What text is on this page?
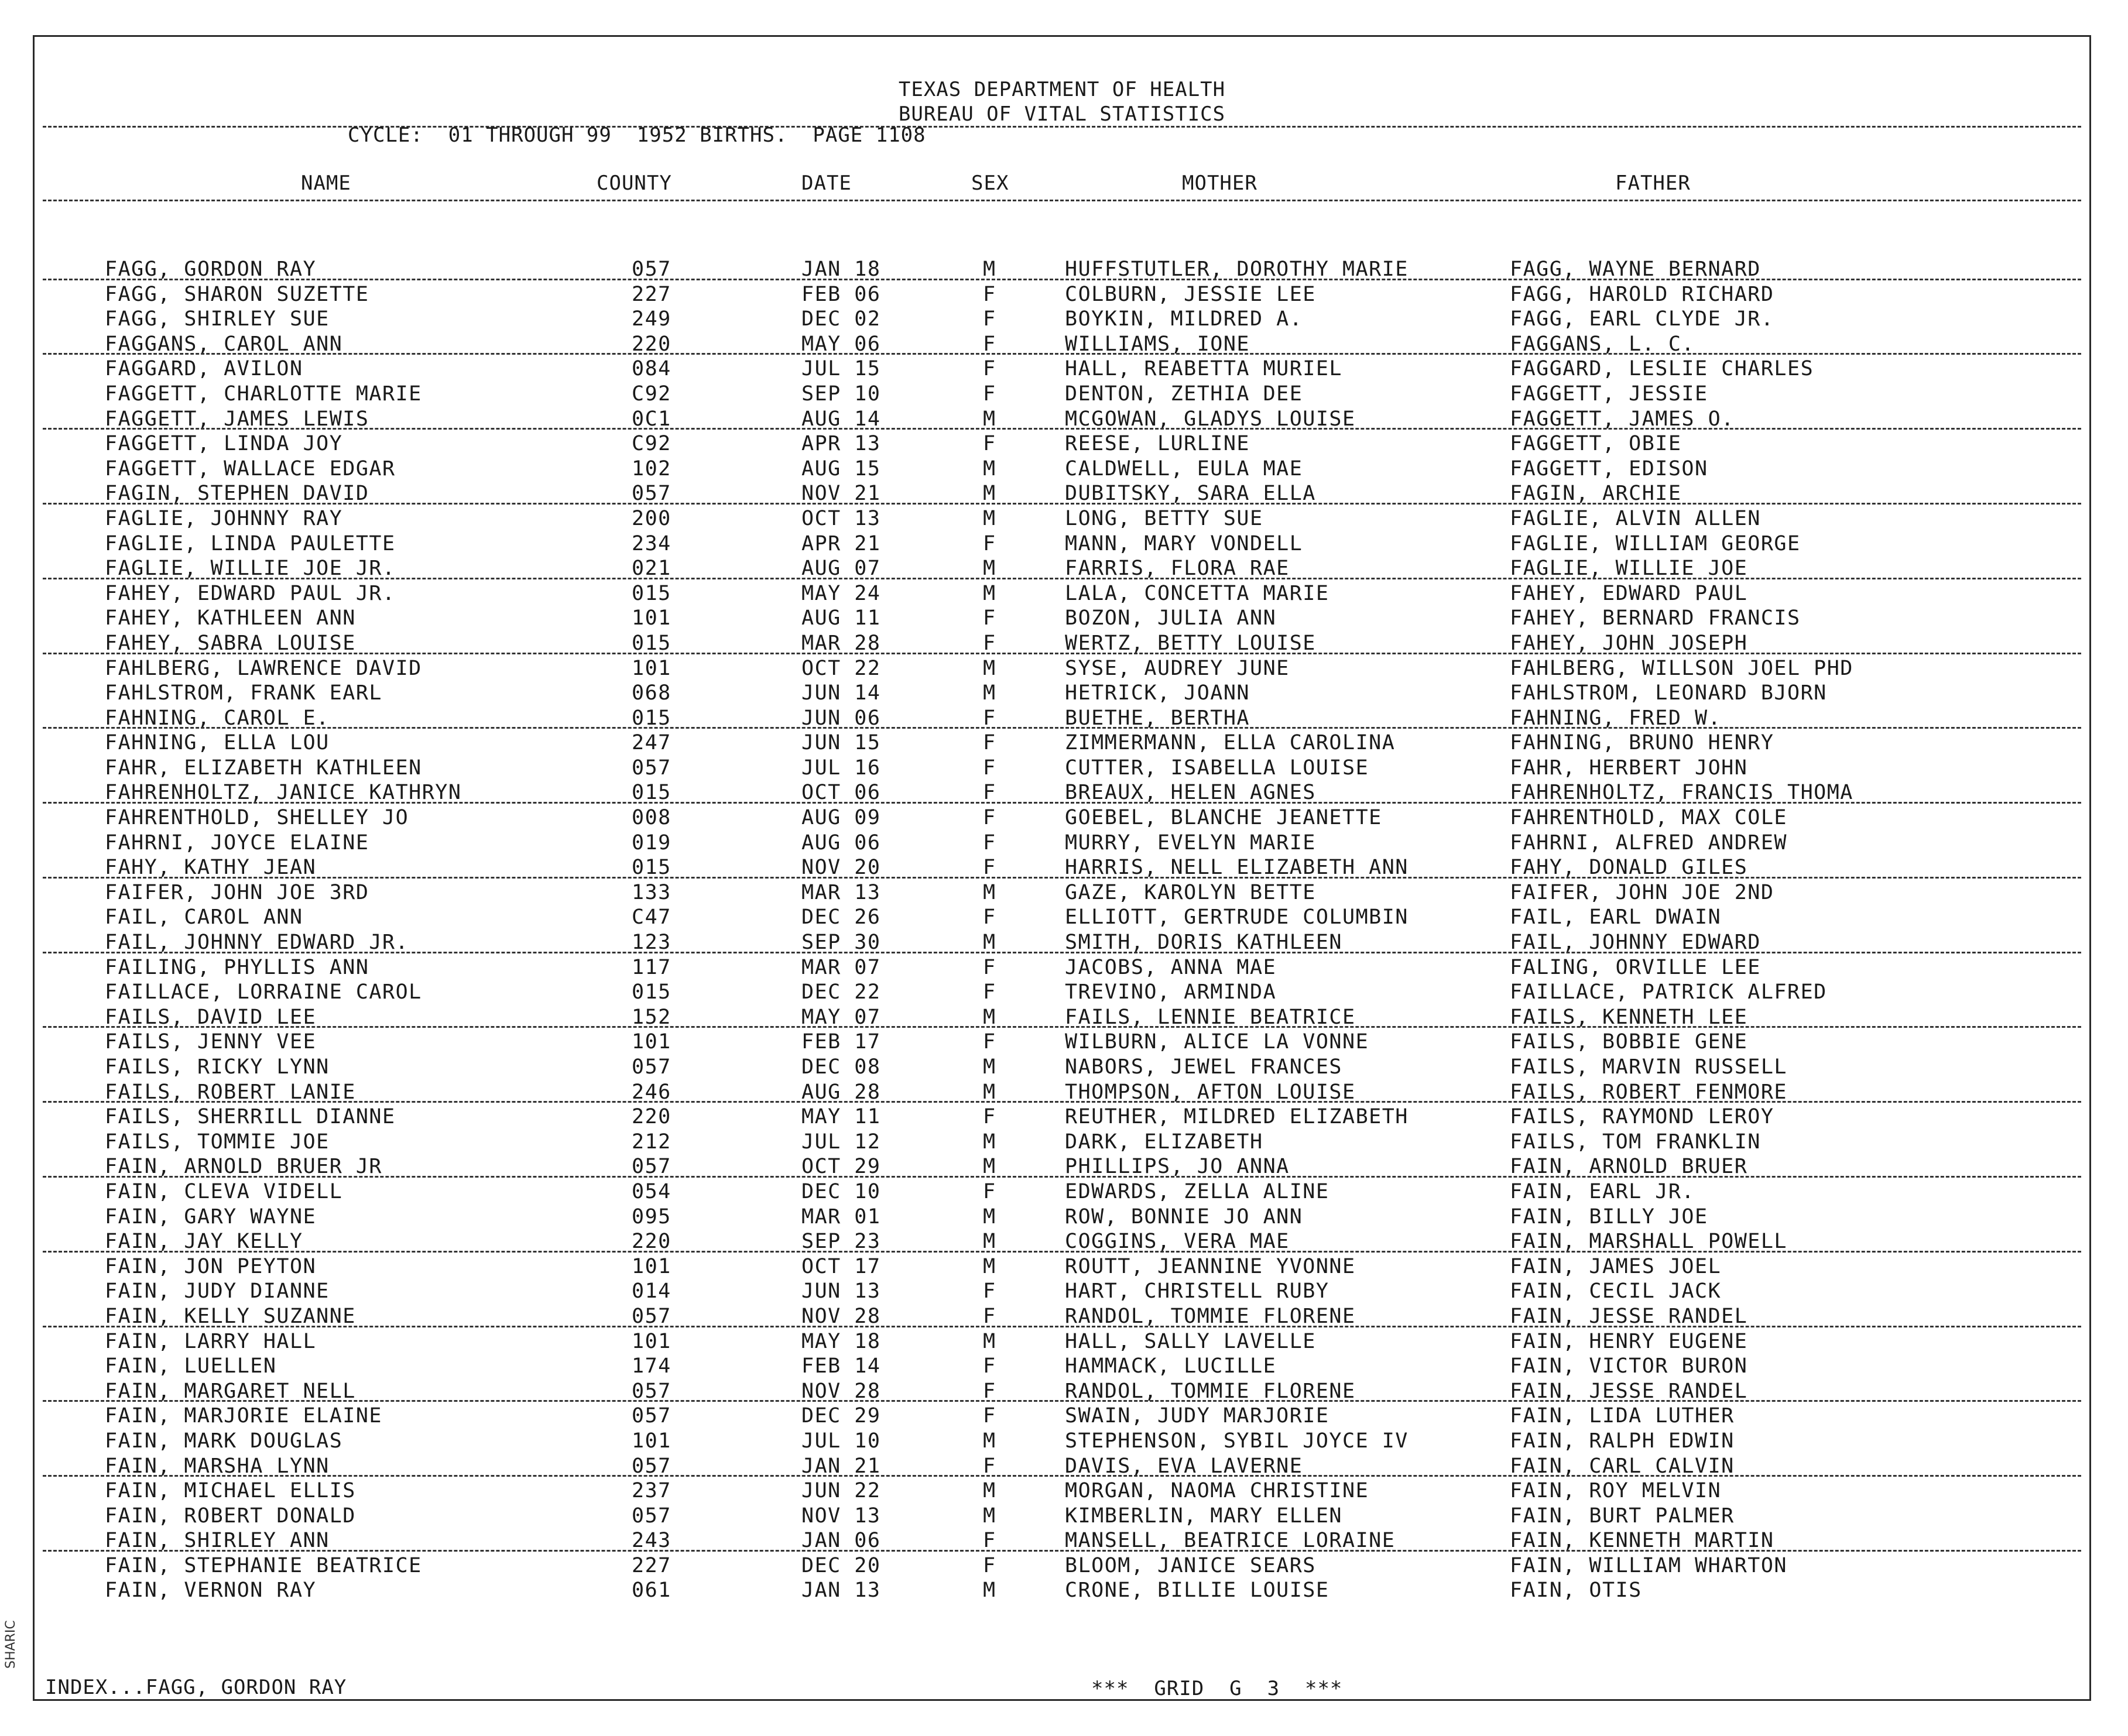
TEXAS DEPARTMENT OF HEALTH
BUREAU OF VITAL STATISTICS
CYCLE:  01 THROUGH 99  1952 BIRTHS.  PAGE 1108
NAME	COUNTY	DATE	SEX	MOTHER	FATHER
FAGG, GORDON RAY	057	JAN 18	M	HUFFSTUTLER, DOROTHY MARIE	FAGG, WAYNE BERNARD
FAGG, SHARON SUZETTE	227	FEB 06	F	COLBURN, JESSIE LEE	FAGG, HAROLD RICHARD
FAGG, SHIRLEY SUE	249	DEC 02	F	BOYKIN, MILDRED A.	FAGG, EARL CLYDE JR.
FAGGANS, CAROL ANN	220	MAY 06	F	WILLIAMS, IONE	FAGGANS, L. C.
FAGGARD, AVILON	084	JUL 15	F	HALL, REABETTA MURIEL	FAGGARD, LESLIE CHARLES
FAGGETT, CHARLOTTE MARIE	C92	SEP 10	F	DENTON, ZETHIA DEE	FAGGETT, JESSIE
FAGGETT, JAMES LEWIS	0C1	AUG 14	M	MCGOWAN, GLADYS LOUISE	FAGGETT, JAMES O.
FAGGETT, LINDA JOY	C92	APR 13	F	REESE, LURLINE	FAGGETT, OBIE
FAGGETT, WALLACE EDGAR	102	AUG 15	M	CALDWELL, EULA MAE	FAGGETT, EDISON
FAGIN, STEPHEN DAVID	057	NOV 21	M	DUBITSKY, SARA ELLA	FAGIN, ARCHIE
FAGLIE, JOHNNY RAY	200	OCT 13	M	LONG, BETTY SUE	FAGLIE, ALVIN ALLEN
FAGLIE, LINDA PAULETTE	234	APR 21	F	MANN, MARY VONDELL	FAGLIE, WILLIAM GEORGE
FAGLIE, WILLIE JOE JR.	021	AUG 07	M	FARRIS, FLORA RAE	FAGLIE, WILLIE JOE
FAHEY, EDWARD PAUL JR.	015	MAY 24	M	LALA, CONCETTA MARIE	FAHEY, EDWARD PAUL
FAHEY, KATHLEEN ANN	101	AUG 11	F	BOZON, JULIA ANN	FAHEY, BERNARD FRANCIS
FAHEY, SABRA LOUISE	015	MAR 28	F	WERTZ, BETTY LOUISE	FAHEY, JOHN JOSEPH
FAHLBERG, LAWRENCE DAVID	101	OCT 22	M	SYSE, AUDREY JUNE	FAHLBERG, WILLSON JOEL PHD
FAHLSTROM, FRANK EARL	068	JUN 14	M	HETRICK, JOANN	FAHLSTROM, LEONARD BJORN
FAHNING, CAROL E.	015	JUN 06	F	BUETHE, BERTHA	FAHNING, FRED W.
FAHNING, ELLA LOU	247	JUN 15	F	ZIMMERMANN, ELLA CAROLINA	FAHNING, BRUNO HENRY
FAHR, ELIZABETH KATHLEEN	057	JUL 16	F	CUTTER, ISABELLA LOUISE	FAHR, HERBERT JOHN
FAHRENHOLTZ, JANICE KATHRYN	015	OCT 06	F	BREAUX, HELEN AGNES	FAHRENHOLTZ, FRANCIS THOMA
FAHRENTHOLD, SHELLEY JO	008	AUG 09	F	GOEBEL, BLANCHE JEANETTE	FAHRENTHOLD, MAX COLE
FAHRNI, JOYCE ELAINE	019	AUG 06	F	MURRY, EVELYN MARIE	FAHRNI, ALFRED ANDREW
FAHY, KATHY JEAN	015	NOV 20	F	HARRIS, NELL ELIZABETH ANN	FAHY, DONALD GILES
FAIFER, JOHN JOE 3RD	133	MAR 13	M	GAZE, KAROLYN BETTE	FAIFER, JOHN JOE 2ND
FAIL, CAROL ANN	C47	DEC 26	F	ELLIOTT, GERTRUDE COLUMBIN	FAIL, EARL DWAIN
FAIL, JOHNNY EDWARD JR.	123	SEP 30	M	SMITH, DORIS KATHLEEN	FAIL, JOHNNY EDWARD
FAILING, PHYLLIS ANN	117	MAR 07	F	JACOBS, ANNA MAE	FALING, ORVILLE LEE
FAILLACE, LORRAINE CAROL	015	DEC 22	F	TREVINO, ARMINDA	FAILLACE, PATRICK ALFRED
FAILS, DAVID LEE	152	MAY 07	M	FAILS, LENNIE BEATRICE	FAILS, KENNETH LEE
FAILS, JENNY VEE	101	FEB 17	F	WILBURN, ALICE LA VONNE	FAILS, BOBBIE GENE
FAILS, RICKY LYNN	057	DEC 08	M	NABORS, JEWEL FRANCES	FAILS, MARVIN RUSSELL
FAILS, ROBERT LANIE	246	AUG 28	M	THOMPSON, AFTON LOUISE	FAILS, ROBERT FENMORE
FAILS, SHERRILL DIANNE	220	MAY 11	F	REUTHER, MILDRED ELIZABETH	FAILS, RAYMOND LEROY
FAILS, TOMMIE JOE	212	JUL 12	M	DARK, ELIZABETH	FAILS, TOM FRANKLIN
FAIN, ARNOLD BRUER JR	057	OCT 29	M	PHILLIPS, JO ANNA	FAIN, ARNOLD BRUER
FAIN, CLEVA VIDELL	054	DEC 10	F	EDWARDS, ZELLA ALINE	FAIN, EARL JR.
FAIN, GARY WAYNE	095	MAR 01	M	ROW, BONNIE JO ANN	FAIN, BILLY JOE
FAIN, JAY KELLY	220	SEP 23	M	COGGINS, VERA MAE	FAIN, MARSHALL POWELL
FAIN, JON PEYTON	101	OCT 17	M	ROUTT, JEANNINE YVONNE	FAIN, JAMES JOEL
FAIN, JUDY DIANNE	014	JUN 13	F	HART, CHRISTELL RUBY	FAIN, CECIL JACK
FAIN, KELLY SUZANNE	057	NOV 28	F	RANDOL, TOMMIE FLORENE	FAIN, JESSE RANDEL
FAIN, LARRY HALL	101	MAY 18	M	HALL, SALLY LAVELLE	FAIN, HENRY EUGENE
FAIN, LUELLEN	174	FEB 14	F	HAMMACK, LUCILLE	FAIN, VICTOR BURON
FAIN, MARGARET NELL	057	NOV 28	F	RANDOL, TOMMIE FLORENE	FAIN, JESSE RANDEL
FAIN, MARJORIE ELAINE	057	DEC 29	F	SWAIN, JUDY MARJORIE	FAIN, LIDA LUTHER
FAIN, MARK DOUGLAS	101	JUL 10	M	STEPHENSON, SYBIL JOYCE IV	FAIN, RALPH EDWIN
FAIN, MARSHA LYNN	057	JAN 21	F	DAVIS, EVA LAVERNE	FAIN, CARL CALVIN
FAIN, MICHAEL ELLIS	237	JUN 22	M	MORGAN, NAOMA CHRISTINE	FAIN, ROY MELVIN
FAIN, ROBERT DONALD	057	NOV 13	M	KIMBERLIN, MARY ELLEN	FAIN, BURT PALMER
FAIN, SHIRLEY ANN	243	JAN 06	F	MANSELL, BEATRICE LORAINE	FAIN, KENNETH MARTIN
FAIN, STEPHANIE BEATRICE	227	DEC 20	F	BLOOM, JANICE SEARS	FAIN, WILLIAM WHARTON
FAIN, VERNON RAY	061	JAN 13	M	CRONE, BILLIE LOUISE	FAIN, OTIS
INDEX...FAGG, GORDON RAY	***  GRID  G  3  ***
SHARIC
